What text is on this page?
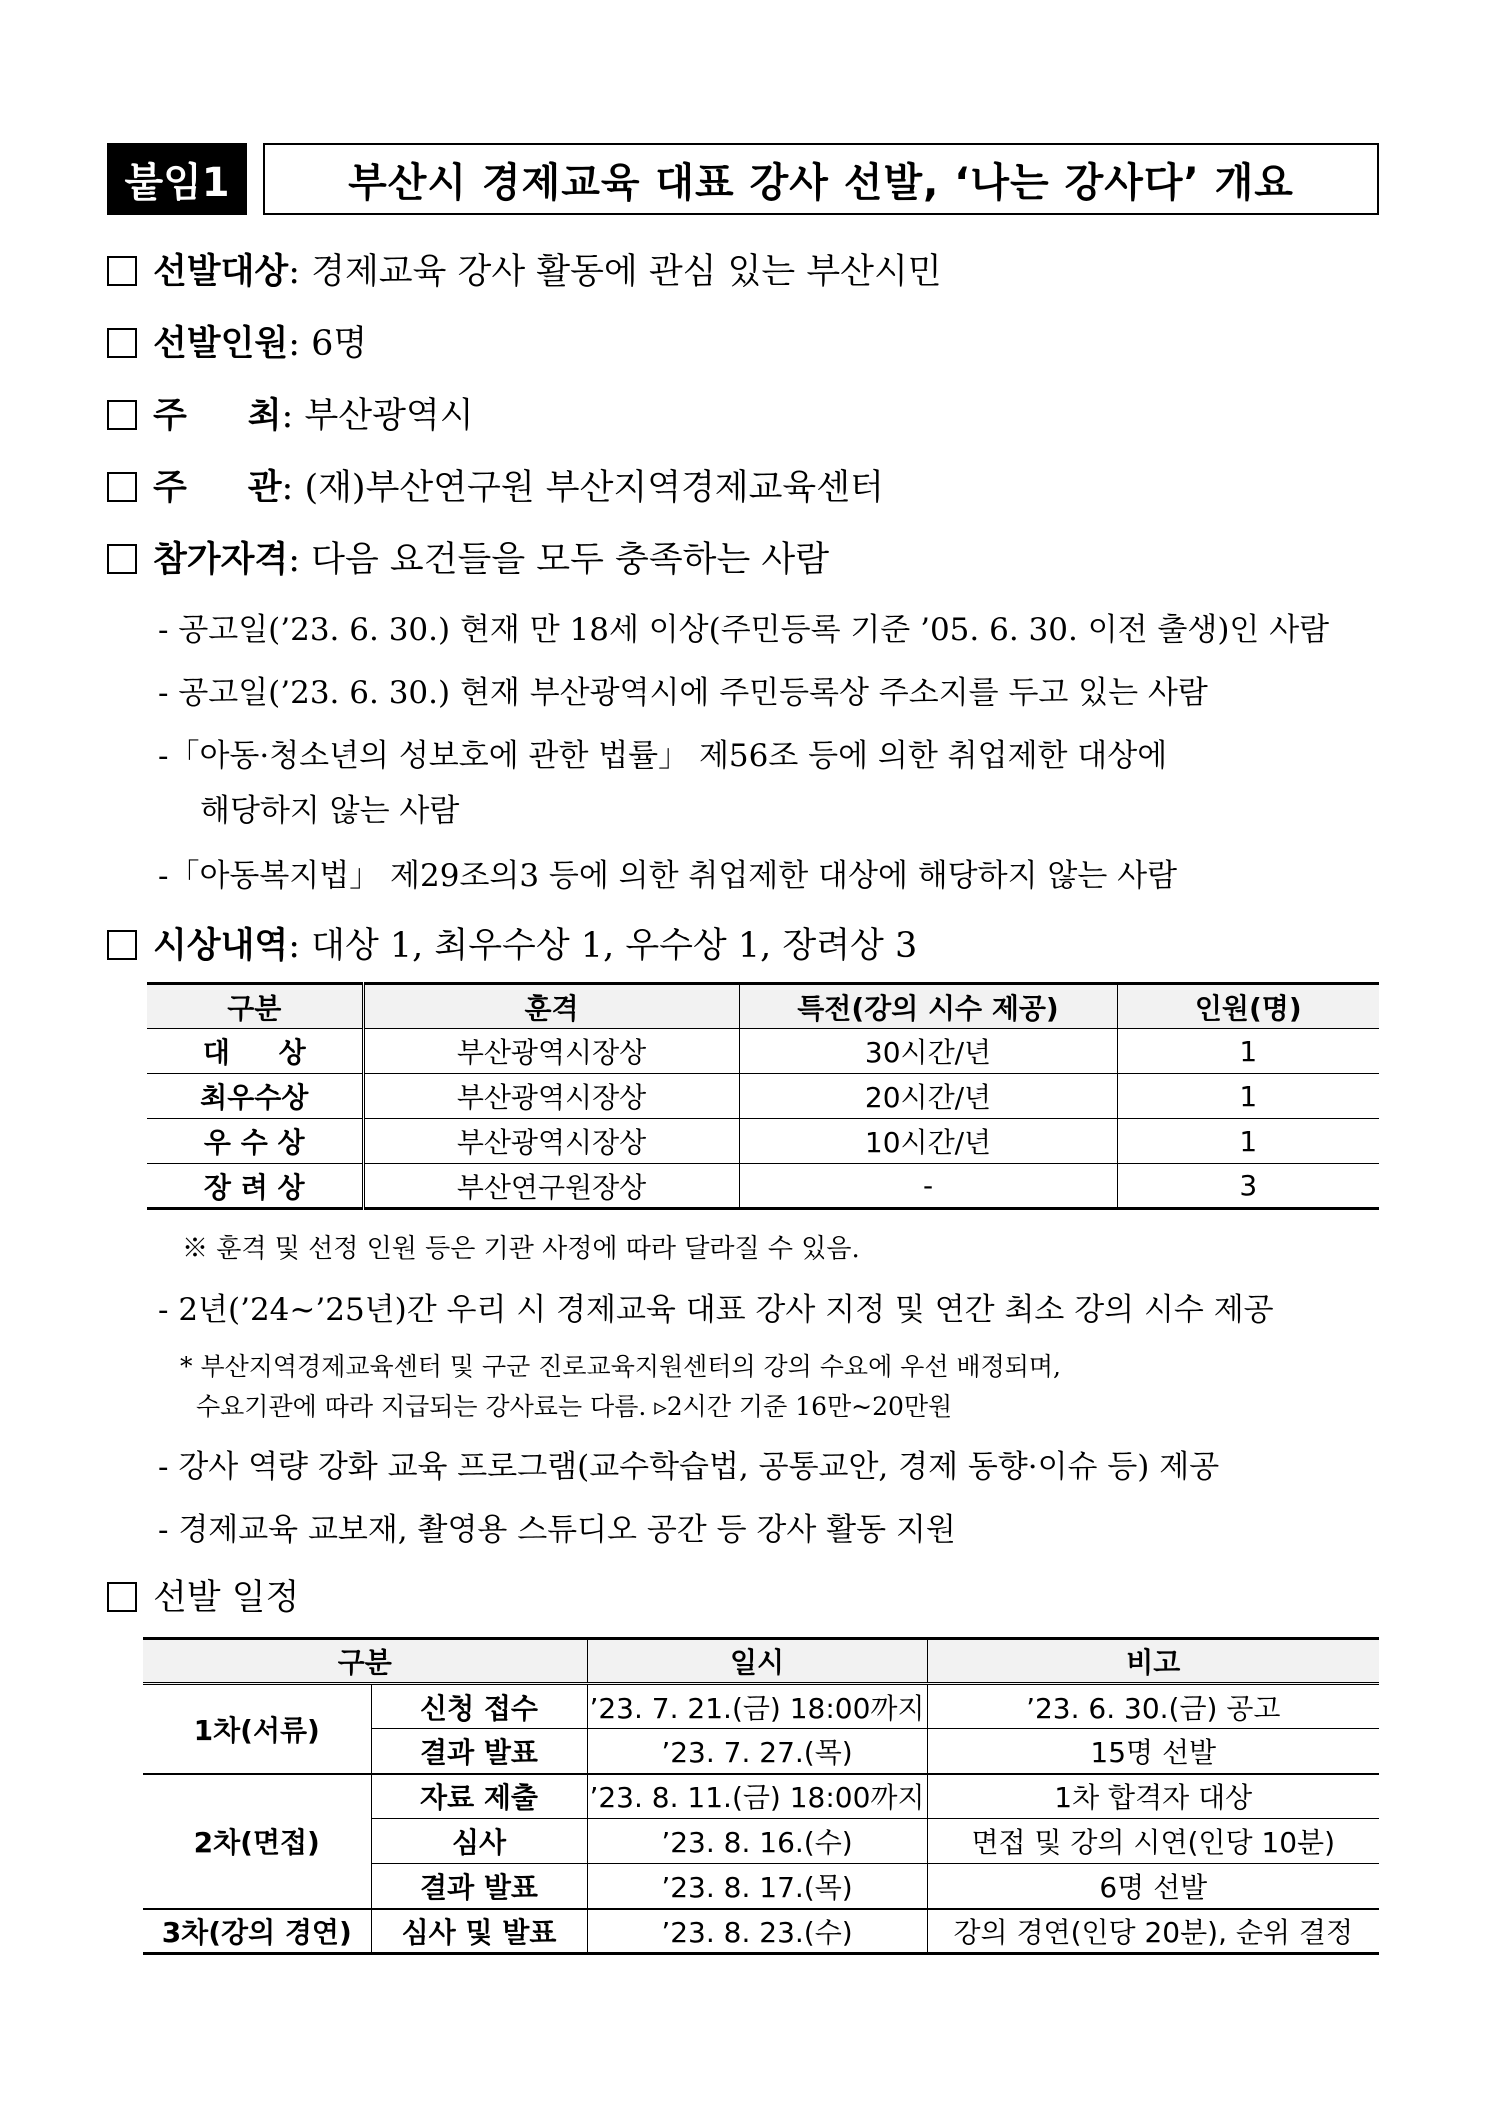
붙임1	부산시 경제교육 대표 강사 선발, ‘나는 강사다’ 개요
선발대상: 경제교육 강사 활동에 관심 있는 부산시민
선발인원: 6명
주     최: 부산광역시
주     관: (재)부산연구원 부산지역경제교육센터
참가자격: 다음 요건들을 모두 충족하는 사람
- 공고일(’23. 6. 30.) 현재 만 18세 이상(주민등록 기준 ’05. 6. 30. 이전 출생)인 사람
- 공고일(’23. 6. 30.) 현재 부산광역시에 주민등록상 주소지를 두고 있는 사람
-「아동·청소년의 성보호에 관한 법률」 제56조 등에 의한 취업제한 대상에
해당하지 않는 사람
-「아동복지법」 제29조의3 등에 의한 취업제한 대상에 해당하지 않는 사람
시상내역: 대상 1, 최우수상 1, 우수상 1, 장려상 3
구분	훈격	특전(강의 시수 제공)	인원(명)
대     상	부산광역시장상	30시간/년	1
최우수상	부산광역시장상	20시간/년	1
우 수 상	부산광역시장상	10시간/년	1
장 려 상	부산연구원장상	-	3
※ 훈격 및 선정 인원 등은 기관 사정에 따라 달라질 수 있음.
- 2년(’24~’25년)간 우리 시 경제교육 대표 강사 지정 및 연간 최소 강의 시수 제공
* 부산지역경제교육센터 및 구군 진로교육지원센터의 강의 수요에 우선 배정되며,
수요기관에 따라 지급되는 강사료는 다름. ▹2시간 기준 16만~20만원
- 강사 역량 강화 교육 프로그램(교수학습법, 공통교안, 경제 동향·이슈 등) 제공
- 경제교육 교보재, 촬영용 스튜디오 공간 등 강사 활동 지원
선발 일정
구분		일시	비고
1차(서류)	신청 접수	’23. 7. 21.(금) 18:00까지	’23. 6. 30.(금) 공고
	결과 발표	’23. 7. 27.(목)	15명 선발
2차(면접)	자료 제출	’23. 8. 11.(금) 18:00까지	1차 합격자 대상
	심사	’23. 8. 16.(수)	면접 및 강의 시연(인당 10분)
	결과 발표	’23. 8. 17.(목)	6명 선발
3차(강의 경연)	심사 및 발표	’23. 8. 23.(수)	강의 경연(인당 20분), 순위 결정
